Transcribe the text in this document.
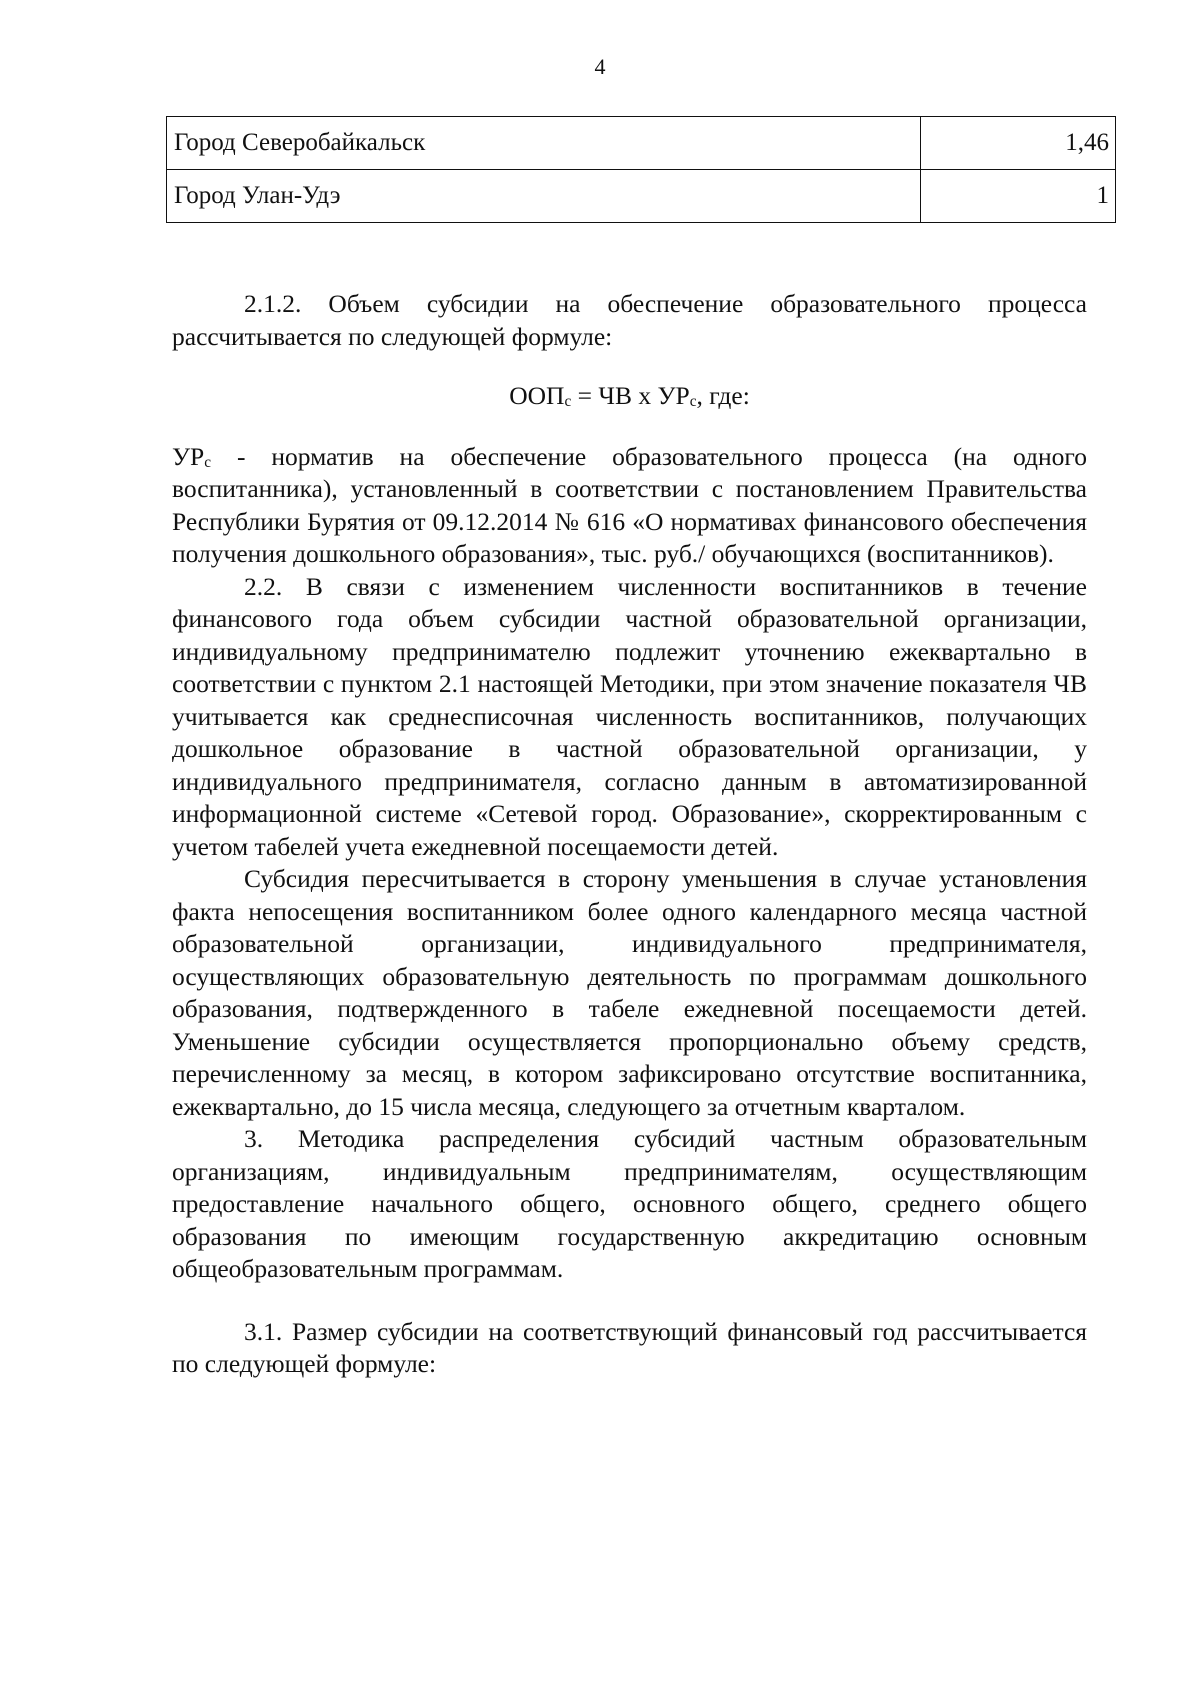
4
Город Северобайкальск	1,46
Город Улан-Удэ	1

2.1.2. Объем субсидии на обеспечение образовательного процесса рассчитывается по следующей формуле:

$ООП_с$ = ЧВ х $УР_с$, где:

$УР_с$ - норматив на обеспечение образовательного процесса (на одного воспитанника), установленный в соответствии с постановлением Правительства Республики Бурятия от 09.12.2014 № 616 «О нормативах финансового обеспечения получения дошкольного образования», тыс. руб./ обучающихся (воспитанников).

2.2. В связи с изменением численности воспитанников в течение финансового года объем субсидии частной образовательной организации, индивидуальному предпринимателю подлежит уточнению ежеквартально в соответствии с пунктом 2.1 настоящей Методики, при этом значение показателя ЧВ учитывается как среднесписочная численность воспитанников, получающих дошкольное образование в частной образовательной организации, у индивидуального предпринимателя, согласно данным в автоматизированной информационной системе «Сетевой город. Образование», скорректированным с учетом табелей учета ежедневной посещаемости детей.

Субсидия пересчитывается в сторону уменьшения в случае установления факта непосещения воспитанником более одного календарного месяца частной образовательной организации, индивидуального предпринимателя, осуществляющих образовательную деятельность по программам дошкольного образования, подтвержденного в табеле ежедневной посещаемости детей. Уменьшение субсидии осуществляется пропорционально объему средств, перечисленному за месяц, в котором зафиксировано отсутствие воспитанника, ежеквартально, до 15 числа месяца, следующего за отчетным кварталом.

3. Методика распределения субсидий частным образовательным организациям, индивидуальным предпринимателям, осуществляющим предоставление начального общего, основного общего, среднего общего образования по имеющим государственную аккредитацию основным общеобразовательным программам.

3.1. Размер субсидии на соответствующий финансовый год рассчитывается по следующей формуле:
